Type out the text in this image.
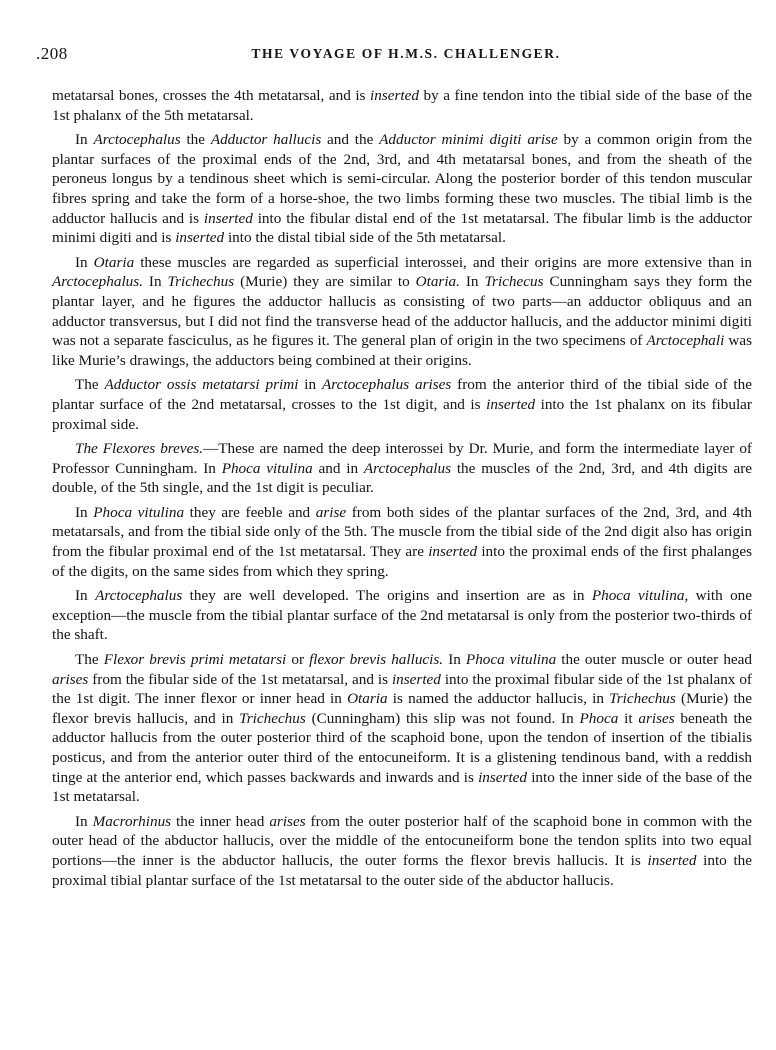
.208	THE VOYAGE OF H.M.S. CHALLENGER.

metatarsal bones, crosses the 4th metatarsal, and is inserted by a fine tendon into the tibial side of the base of the 1st phalanx of the 5th metatarsal.

In Arctocephalus the Adductor hallucis and the Adductor minimi digiti arise by a common origin from the plantar surfaces of the proximal ends of the 2nd, 3rd, and 4th metatarsal bones, and from the sheath of the peroneus longus by a tendinous sheet which is semi-circular. Along the posterior border of this tendon muscular fibres spring and take the form of a horse-shoe, the two limbs forming these two muscles. The tibial limb is the adductor hallucis and is inserted into the fibular distal end of the 1st metatarsal. The fibular limb is the adductor minimi digiti and is inserted into the distal tibial side of the 5th metatarsal.

In Otaria these muscles are regarded as superficial interossei, and their origins are more extensive than in Arctocephalus. In Trichechus (Murie) they are similar to Otaria. In Trichecus Cunningham says they form the plantar layer, and he figures the adductor hallucis as consisting of two parts—an adductor obliquus and an adductor transversus, but I did not find the transverse head of the adductor hallucis, and the adductor minimi digiti was not a separate fasciculus, as he figures it. The general plan of origin in the two specimens of Arctocephali was like Murie’s drawings, the adductors being combined at their origins.

The Adductor ossis metatarsi primi in Arctocephalus arises from the anterior third of the tibial side of the plantar surface of the 2nd metatarsal, crosses to the 1st digit, and is inserted into the 1st phalanx on its fibular proximal side.

The Flexores breves.—These are named the deep interossei by Dr. Murie, and form the intermediate layer of Professor Cunningham. In Phoca vitulina and in Arctocephalus the muscles of the 2nd, 3rd, and 4th digits are double, of the 5th single, and the 1st digit is peculiar.

In Phoca vitulina they are feeble and arise from both sides of the plantar surfaces of the 2nd, 3rd, and 4th metatarsals, and from the tibial side only of the 5th. The muscle from the tibial side of the 2nd digit also has origin from the fibular proximal end of the 1st metatarsal. They are inserted into the proximal ends of the first phalanges of the digits, on the same sides from which they spring.

In Arctocephalus they are well developed. The origins and insertion are as in Phoca vitulina, with one exception—the muscle from the tibial plantar surface of the 2nd metatarsal is only from the posterior two-thirds of the shaft.

The Flexor brevis primi metatarsi or flexor brevis hallucis. In Phoca vitulina the outer muscle or outer head arises from the fibular side of the 1st metatarsal, and is inserted into the proximal fibular side of the 1st phalanx of the 1st digit. The inner flexor or inner head in Otaria is named the adductor hallucis, in Trichechus (Murie) the flexor brevis hallucis, and in Trichechus (Cunningham) this slip was not found. In Phoca it arises beneath the adductor hallucis from the outer posterior third of the scaphoid bone, upon the tendon of insertion of the tibialis posticus, and from the anterior outer third of the entocuneiform. It is a glistening tendinous band, with a reddish tinge at the anterior end, which passes backwards and inwards and is inserted into the inner side of the base of the 1st metatarsal.

In Macrorhinus the inner head arises from the outer posterior half of the scaphoid bone in common with the outer head of the abductor hallucis, over the middle of the entocuneiform bone the tendon splits into two equal portions—the inner is the abductor hallucis, the outer forms the flexor brevis hallucis. It is inserted into the proximal tibial plantar surface of the 1st metatarsal to the outer side of the abductor hallucis.
